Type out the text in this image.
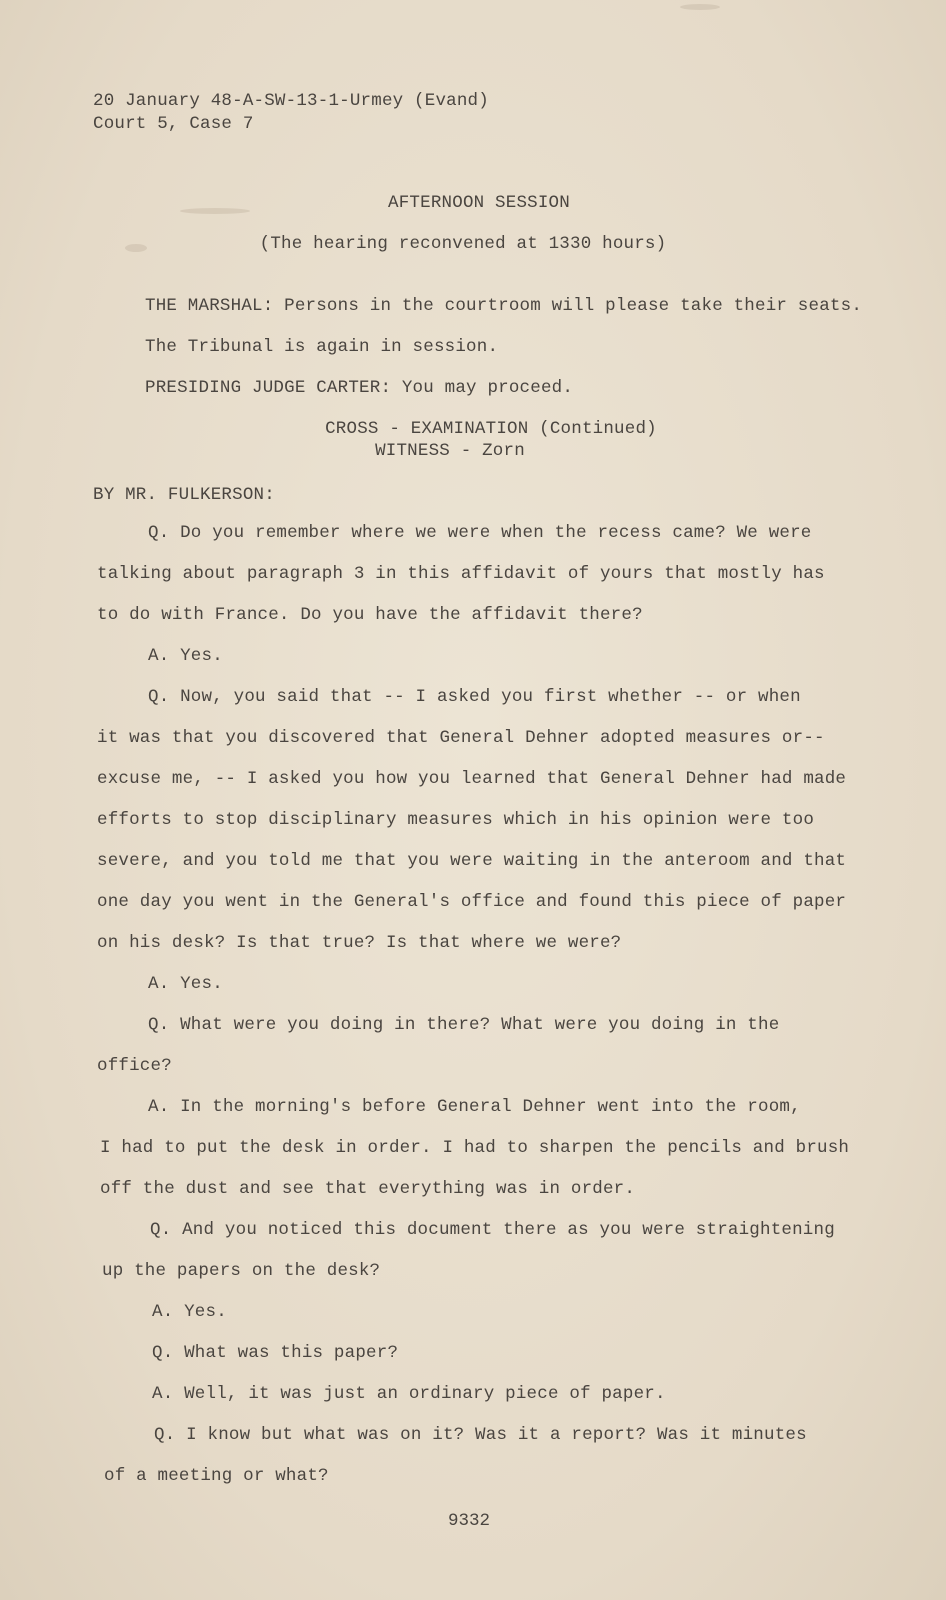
20 January 48-A-SW-13-1-Urmey (Evand)
Court 5, Case 7
AFTERNOON SESSION
(The hearing reconvened at 1330 hours)
THE MARSHAL: Persons in the courtroom will please take their seats.
The Tribunal is again in session.
PRESIDING JUDGE CARTER: You may proceed.
CROSS - EXAMINATION (Continued)
WITNESS - Zorn
BY MR. FULKERSON:
Q. Do you remember where we were when the recess came? We were
talking about paragraph 3 in this affidavit of yours that mostly has
to do with France. Do you have the affidavit there?
A. Yes.
Q. Now, you said that -- I asked you first whether -- or when
it was that you discovered that General Dehner adopted measures or--
excuse me, -- I asked you how you learned that General Dehner had made
efforts to stop disciplinary measures which in his opinion were too
severe, and you told me that you were waiting in the anteroom and that
one day you went in the General's office and found this piece of paper
on his desk? Is that true? Is that where we were?
A. Yes.
Q. What were you doing in there? What were you doing in the
office?
A. In the morning's before General Dehner went into the room,
I had to put the desk in order. I had to sharpen the pencils and brush
off the dust and see that everything was in order.
Q. And you noticed this document there as you were straightening
up the papers on the desk?
A. Yes.
Q. What was this paper?
A. Well, it was just an ordinary piece of paper.
Q. I know but what was on it? Was it a report? Was it minutes
of a meeting or what?
9332
